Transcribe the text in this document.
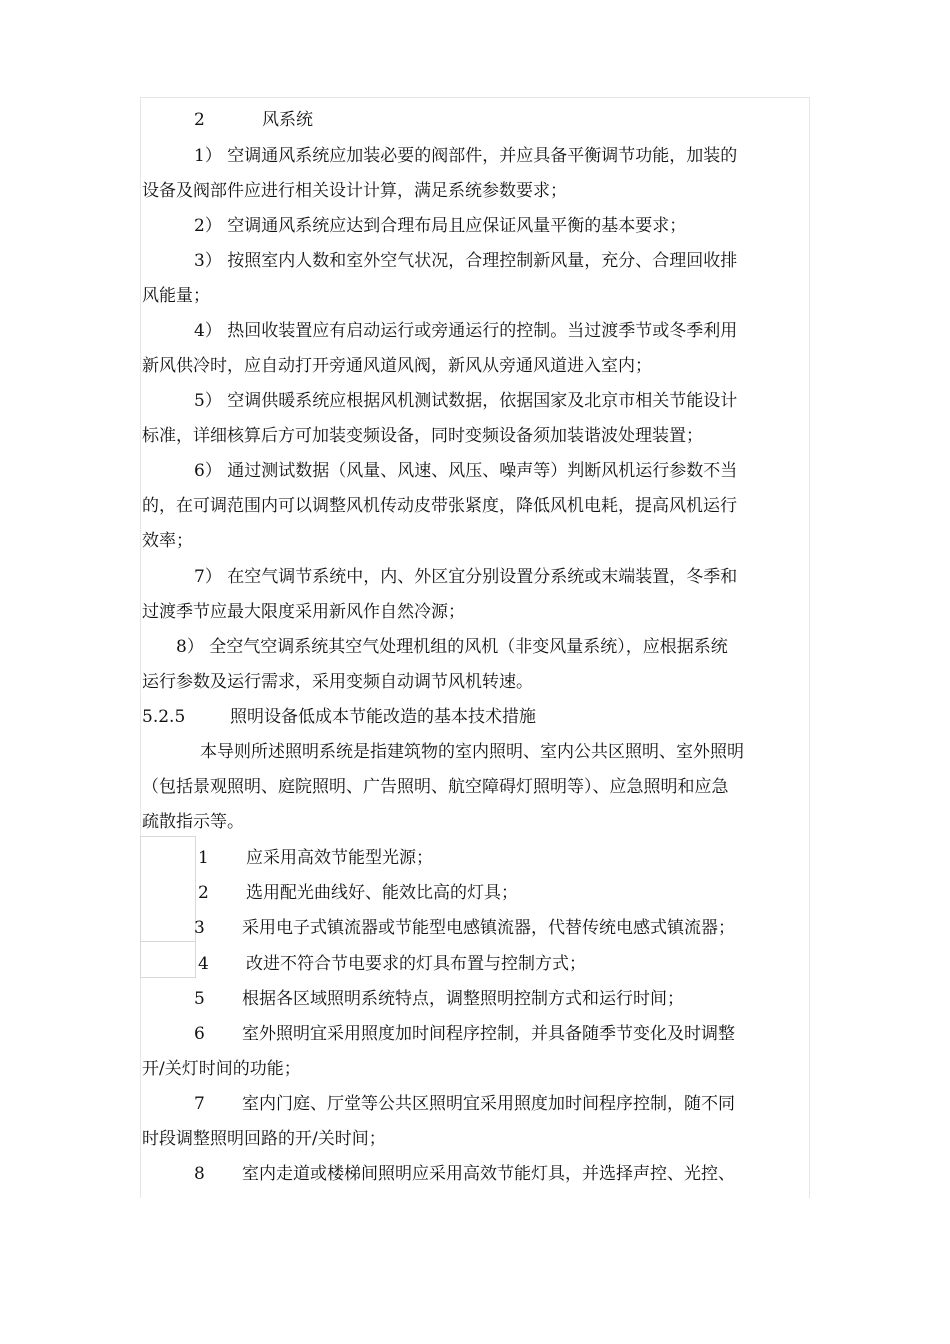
2	风系统
1） 空调通风系统应加装必要的阀部件，并应具备平衡调节功能，加装的
设备及阀部件应进行相关设计计算，满足系统参数要求；
2） 空调通风系统应达到合理布局且应保证风量平衡的基本要求；
3） 按照室内人数和室外空气状况，合理控制新风量，充分、合理回收排
风能量；
4） 热回收装置应有启动运行或旁通运行的控制。当过渡季节或冬季利用
新风供冷时，应自动打开旁通风道风阀，新风从旁通风道进入室内；
5） 空调供暖系统应根据风机测试数据，依据国家及北京市相关节能设计
标准，详细核算后方可加装变频设备，同时变频设备须加装谐波处理装置；
6） 通过测试数据（风量、风速、风压、噪声等）判断风机运行参数不当
的，在可调范围内可以调整风机传动皮带张紧度，降低风机电耗，提高风机运行
效率；
7） 在空气调节系统中，内、外区宜分别设置分系统或末端装置，冬季和
过渡季节应最大限度采用新风作自然冷源；
8） 全空气空调系统其空气处理机组的风机（非变风量系统），应根据系统
运行参数及运行需求，采用变频自动调节风机转速。
5.2.5	照明设备低成本节能改造的基本技术措施
本导则所述照明系统是指建筑物的室内照明、室内公共区照明、室外照明
（包括景观照明、庭院照明、广告照明、航空障碍灯照明等）、应急照明和应急
疏散指示等。
1 应采用高效节能型光源；
2 选用配光曲线好、能效比高的灯具；
3 采用电子式镇流器或节能型电感镇流器，代替传统电感式镇流器；
4 改进不符合节电要求的灯具布置与控制方式；
5 根据各区域照明系统特点，调整照明控制方式和运行时间；
6 室外照明宜采用照度加时间程序控制，并具备随季节变化及时调整
开/关灯时间的功能；
7 室内门庭、厅堂等公共区照明宜采用照度加时间程序控制，随不同
时段调整照明回路的开/关时间；
8 室内走道或楼梯间照明应采用高效节能灯具，并选择声控、光控、
